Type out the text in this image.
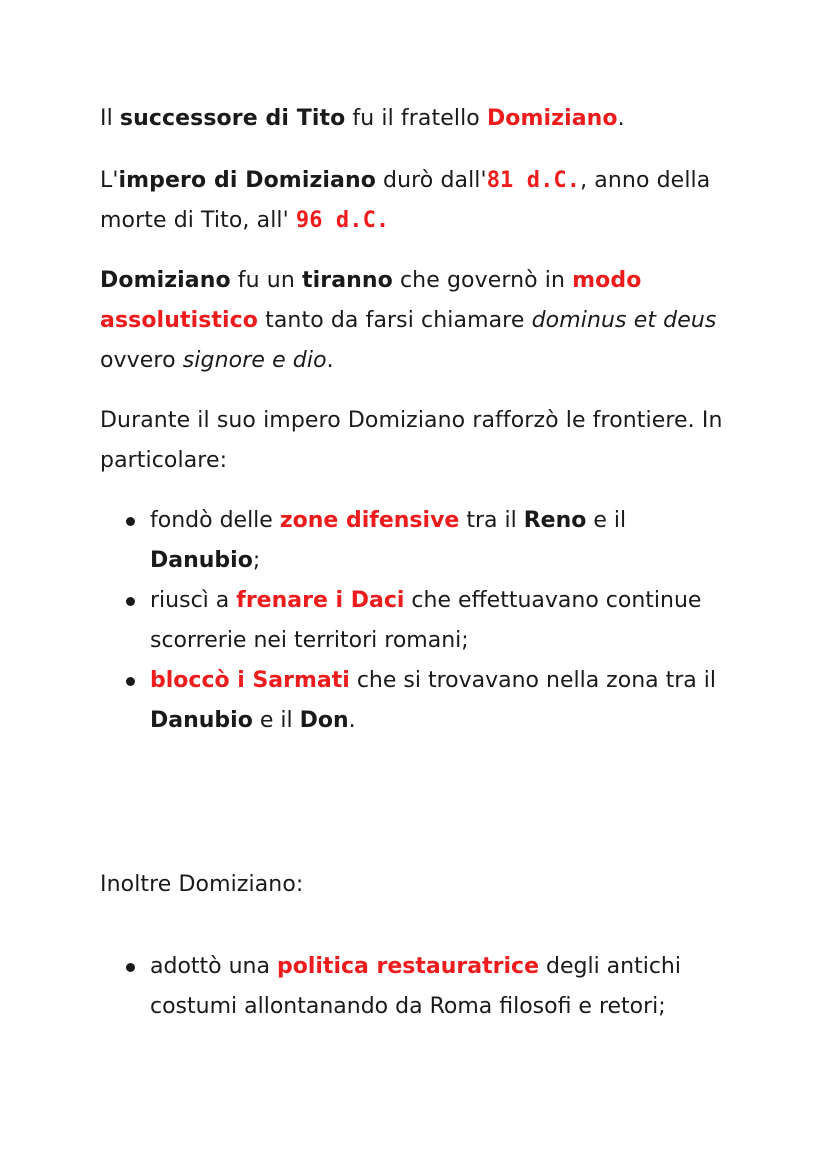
Il successore di Tito fu il fratello Domiziano.

L'impero di Domiziano durò dall'81 d.C., anno della morte di Tito, all' 96 d.C.

Domiziano fu un tiranno che governò in modo assolutistico tanto da farsi chiamare dominus et deus ovvero signore e dio.

Durante il suo impero Domiziano rafforzò le frontiere. In particolare:

fondò delle zone difensive tra il Reno e il
Danubio;
riuscì a frenare i Daci che effettuavano continue scorrerie nei territori romani;
bloccò i Sarmati che si trovavano nella zona tra il Danubio e il Don.

Inoltre Domiziano:

adottò una politica restauratrice degli antichi costumi allontanando da Roma filosofi e retori;
